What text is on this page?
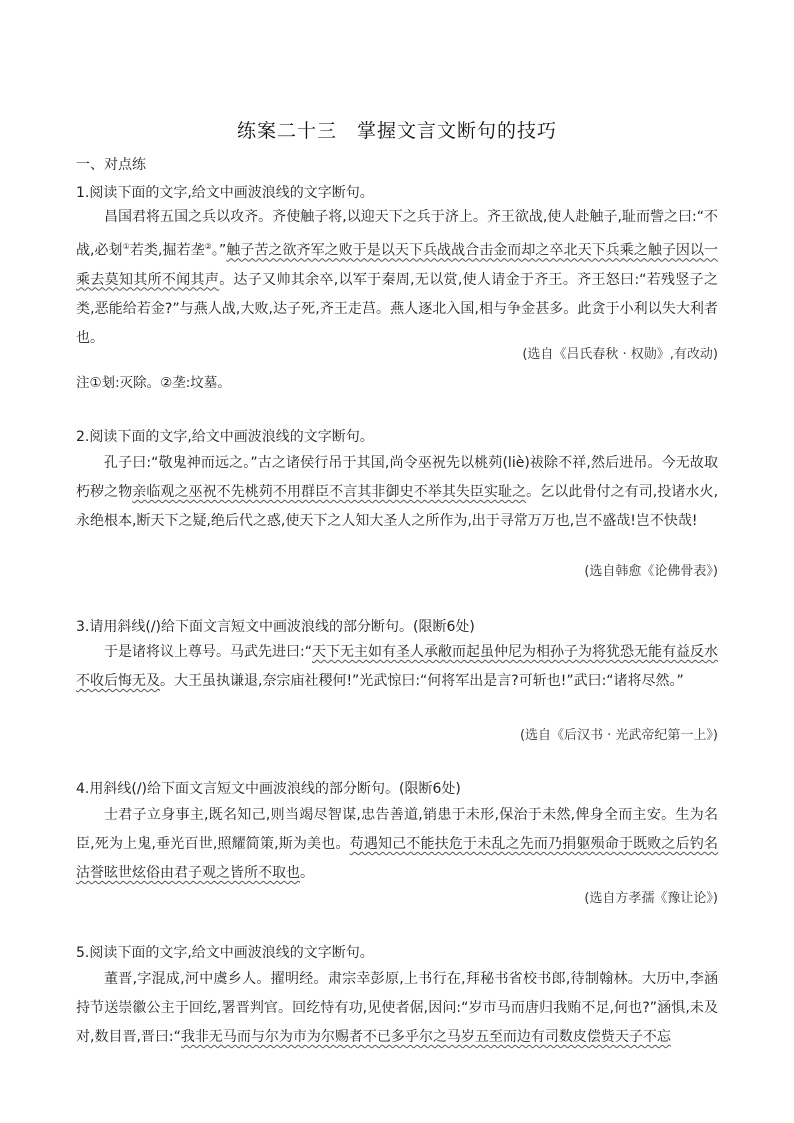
练案二十三　掌握文言文断句的技巧
一、对点练
1.阅读下面的文字,给文中画波浪线的文字断句。
昌国君将五国之兵以攻齐。齐使触子将,以迎天下之兵于济上。齐王欲战,使人赴触子,耻而訾之曰:“不战,必刬①若类,掘若垄②。”触子苦之欲齐军之败于是以天下兵战战合击金而却之卒北天下兵乘之触子因以一乘去莫知其所不闻其声。达子又帅其余卒,以军于秦周,无以赏,使人请金于齐王。齐王怒曰:“若残竖子之类,恶能给若金?”与燕人战,大败,达子死,齐王走莒。燕人逐北入国,相与争金甚多。此贪于小利以失大利者也。
(选自《吕氏春秋 · 权勋》,有改动)
注①刬:灭除。②垄:坟墓。
2.阅读下面的文字,给文中画波浪线的文字断句。
孔子曰:“敬鬼神而远之。”古之诸侯行吊于其国,尚令巫祝先以桃茢(liè)祓除不祥,然后进吊。今无故取朽秽之物亲临观之巫祝不先桃茢不用群臣不言其非御史不举其失臣实耻之。乞以此骨付之有司,投诸水火,永绝根本,断天下之疑,绝后代之惑,使天下之人知大圣人之所作为,出于寻常万万也,岂不盛哉!岂不快哉!
(选自韩愈《论佛骨表》)
3.请用斜线(/)给下面文言短文中画波浪线的部分断句。(限断6处)
于是诸将议上尊号。马武先进曰:“天下无主如有圣人承敝而起虽仲尼为相孙子为将犹恐无能有益反水不收后悔无及。大王虽执谦退,奈宗庙社稷何!”光武惊曰:“何将军出是言?可斩也!”武曰:“诸将尽然。”
(选自《后汉书 · 光武帝纪第一上》)
4.用斜线(/)给下面文言短文中画波浪线的部分断句。(限断6处)
士君子立身事主,既名知己,则当竭尽智谋,忠告善道,销患于未形,保治于未然,俾身全而主安。生为名臣,死为上鬼,垂光百世,照耀简策,斯为美也。苟遇知己不能扶危于未乱之先而乃捐躯殒命于既败之后钓名沽誉眩世炫俗由君子观之皆所不取也。
(选自方孝孺《豫让论》)
5.阅读下面的文字,给文中画波浪线的文字断句。
董晋,字混成,河中虞乡人。擢明经。肃宗幸彭原,上书行在,拜秘书省校书郎,待制翰林。大历中,李涵持节送崇徽公主于回纥,署晋判官。回纥恃有功,见使者倨,因问:“岁市马而唐归我贿不足,何也?”涵惧,未及对,数目晋,晋曰:“我非无马而与尔为市为尔赐者不已多乎尔之马岁五至而边有司数皮偿赀天子不忘
